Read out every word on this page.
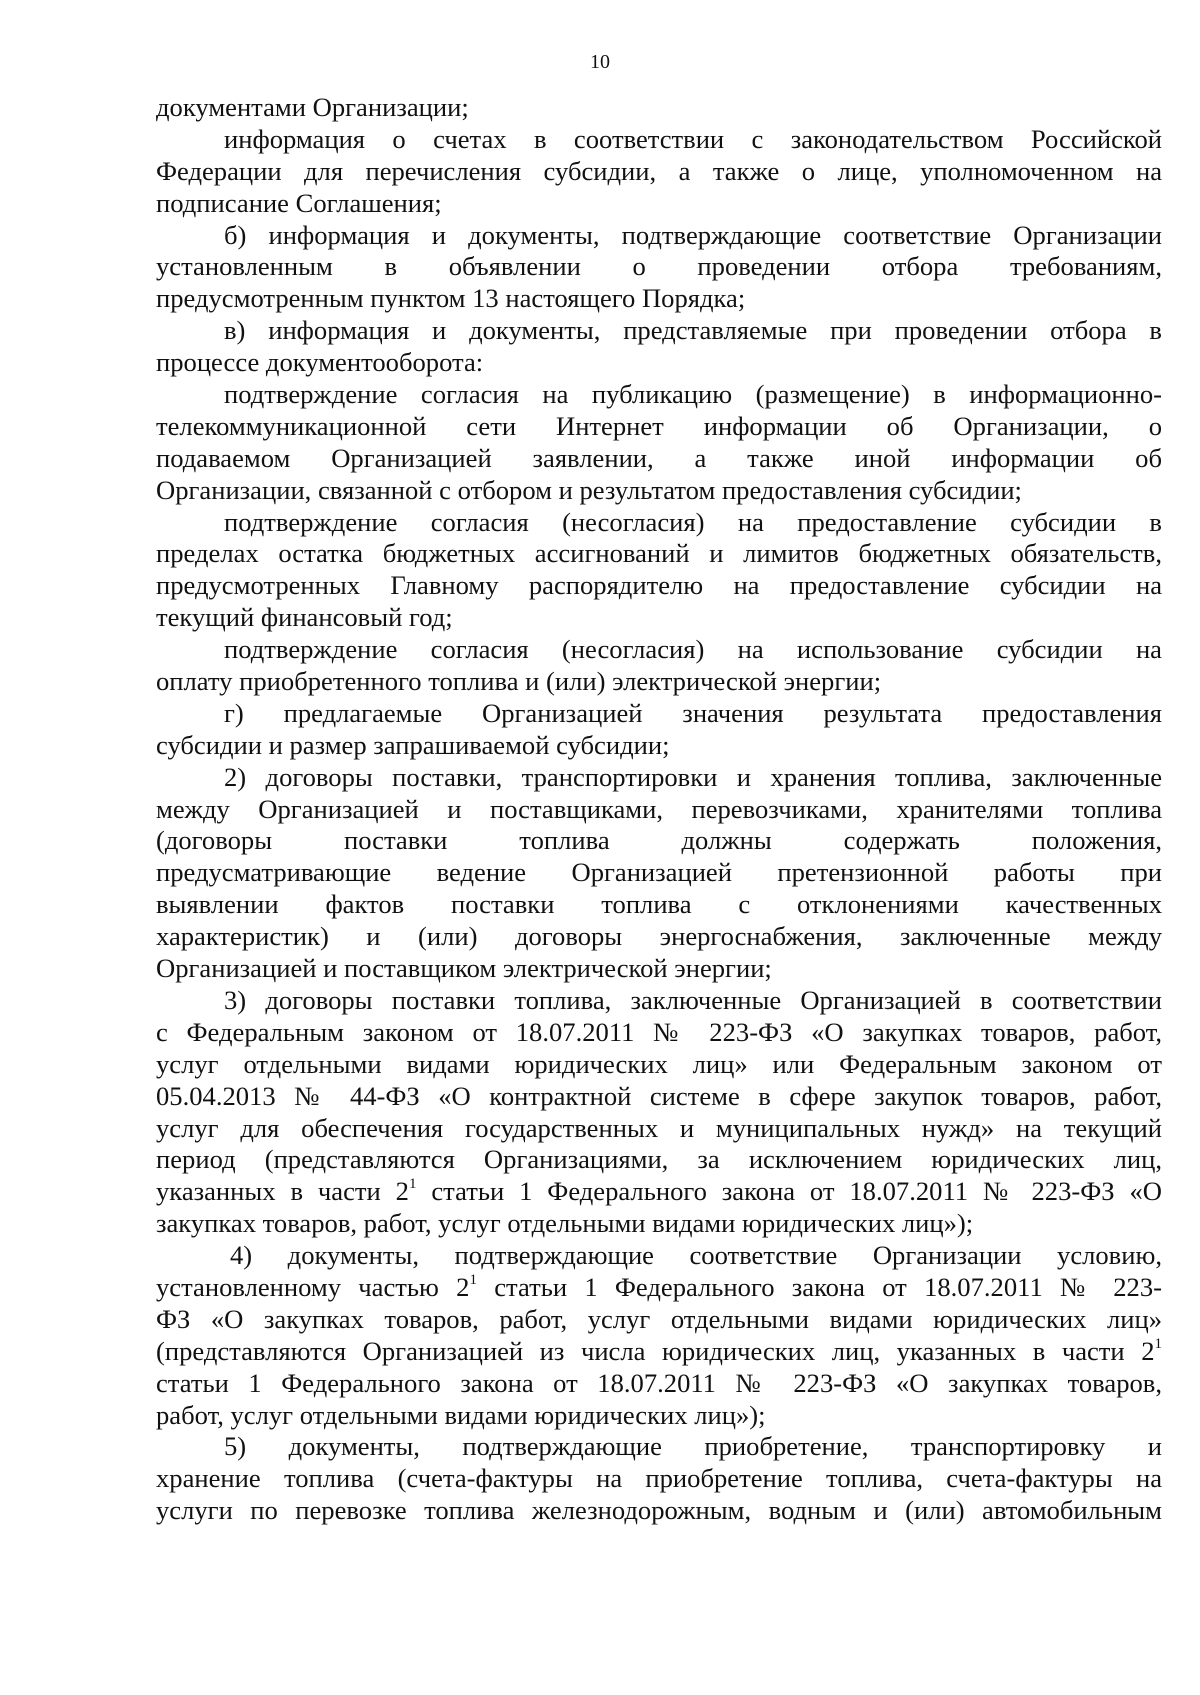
10
документами Организации;
информация о счетах в соответствии с законодательством Российской
Федерации для перечисления субсидии, а также о лице, уполномоченном на
подписание Соглашения;
б) информация и документы, подтверждающие соответствие Организации
установленным в объявлении о проведении отбора требованиям,
предусмотренным пунктом 13 настоящего Порядка;
в) информация и документы, представляемые при проведении отбора в
процессе документооборота:
подтверждение согласия на публикацию (размещение) в информационно-
телекоммуникационной сети Интернет информации об Организации, о
подаваемом Организацией заявлении, а также иной информации об
Организации, связанной с отбором и результатом предоставления субсидии;
подтверждение согласия (несогласия) на предоставление субсидии в
пределах остатка бюджетных ассигнований и лимитов бюджетных обязательств,
предусмотренных Главному распорядителю на предоставление субсидии на
текущий финансовый год;
подтверждение согласия (несогласия) на использование субсидии на
оплату приобретенного топлива и (или) электрической энергии;
г) предлагаемые Организацией значения результата предоставления
субсидии и размер запрашиваемой субсидии;
2) договоры поставки, транспортировки и хранения топлива, заключенные
между Организацией и поставщиками, перевозчиками, хранителями топлива
(договоры поставки топлива должны содержать положения,
предусматривающие ведение Организацией претензионной работы при
выявлении фактов поставки топлива с отклонениями качественных
характеристик) и (или) договоры энергоснабжения, заключенные между
Организацией и поставщиком электрической энергии;
3) договоры поставки топлива, заключенные Организацией в соответствии
с Федеральным законом от 18.07.2011 № 223-ФЗ «О закупках товаров, работ,
услуг отдельными видами юридических лиц» или Федеральным законом от
05.04.2013 № 44-ФЗ «О контрактной системе в сфере закупок товаров, работ,
услуг для обеспечения государственных и муниципальных нужд» на текущий
период (представляются Организациями, за исключением юридических лиц,
указанных в части $2^1$ статьи 1 Федерального закона от 18.07.2011 № 223-ФЗ «О
закупках товаров, работ, услуг отдельными видами юридических лиц»);
4) документы, подтверждающие соответствие Организации условию,
установленному частью $2^1$ статьи 1 Федерального закона от 18.07.2011 № 223-
ФЗ «О закупках товаров, работ, услуг отдельными видами юридических лиц»
(представляются Организацией из числа юридических лиц, указанных в части $2^1$
статьи 1 Федерального закона от 18.07.2011 № 223-ФЗ «О закупках товаров,
работ, услуг отдельными видами юридических лиц»);
5) документы, подтверждающие приобретение, транспортировку и
хранение топлива (счета-фактуры на приобретение топлива, счета-фактуры на
услуги по перевозке топлива железнодорожным, водным и (или) автомобильным
